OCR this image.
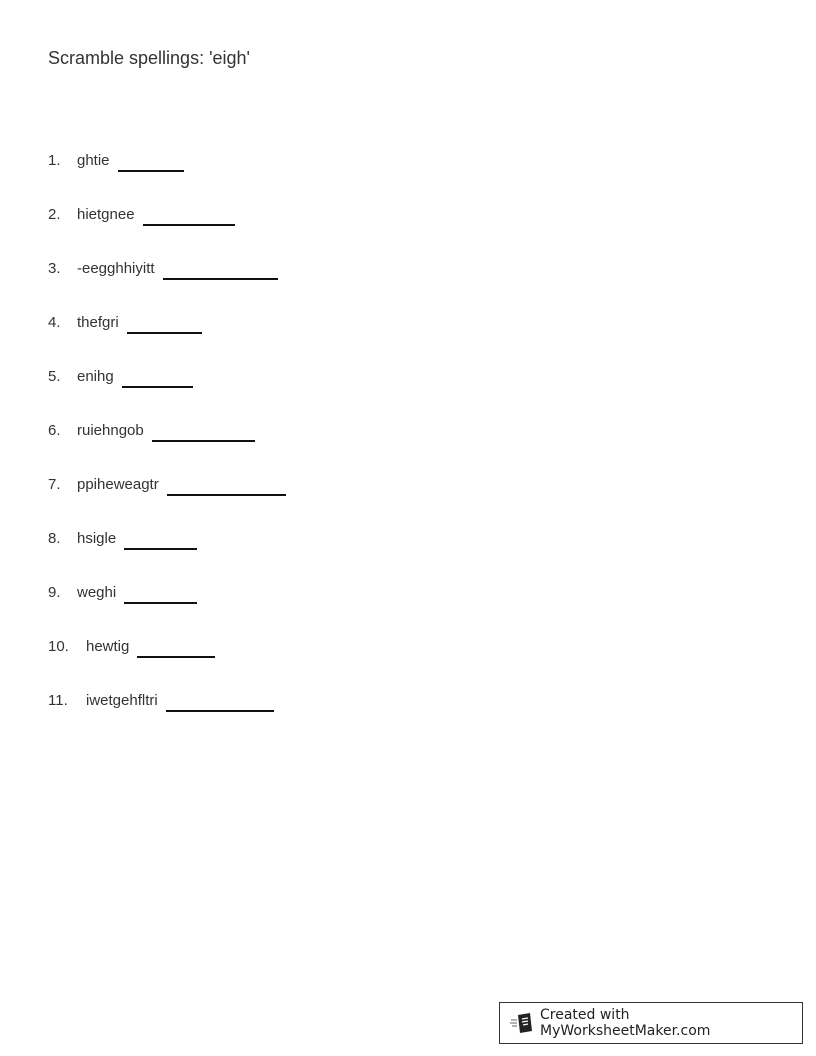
Scramble spellings: 'eigh'
1.	ghtie
2.	hietgnee
3.	-eegghhiyitt
4.	thefgri
5.	enihg
6.	ruiehngob
7.	ppiheweagtr
8.	hsigle
9.	weghi
10.	hewtig
11.	iwetgehfltri
Created with MyWorksheetMaker.com
